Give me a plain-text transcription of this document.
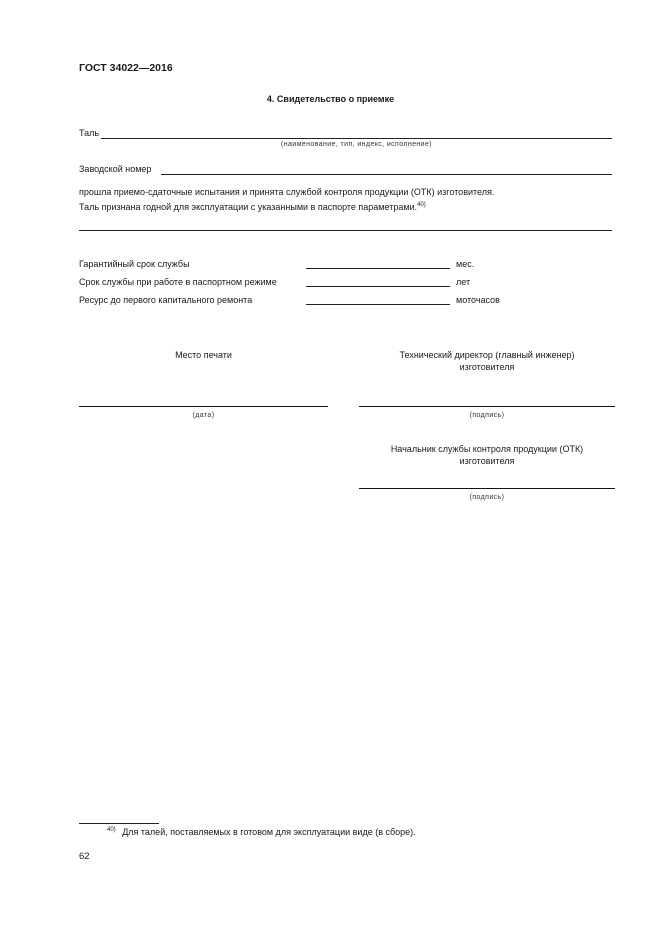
ГОСТ 34022—2016
4. Свидетельство о приемке
Таль
(наименование, тип, индекс, исполнение)
Заводской номер
прошла приемо-сдаточные испытания и принята службой контроля продукции (ОТК) изготовителя.
Таль признана годной для эксплуатации с указанными в паспорте параметрами.$^{40)}$
Гарантийный срок службы	мес.
Срок службы при работе в паспортном режиме	лет
Ресурс до первого капитального ремонта	моточасов
Место печати
(дата)
Технический директор (главный инженер)
изготовителя
(подпись)
Начальник службы контроля продукции (ОТК)
изготовителя
(подпись)
$^{40)}$ Для талей, поставляемых в готовом для эксплуатации виде (в сборе).
62
